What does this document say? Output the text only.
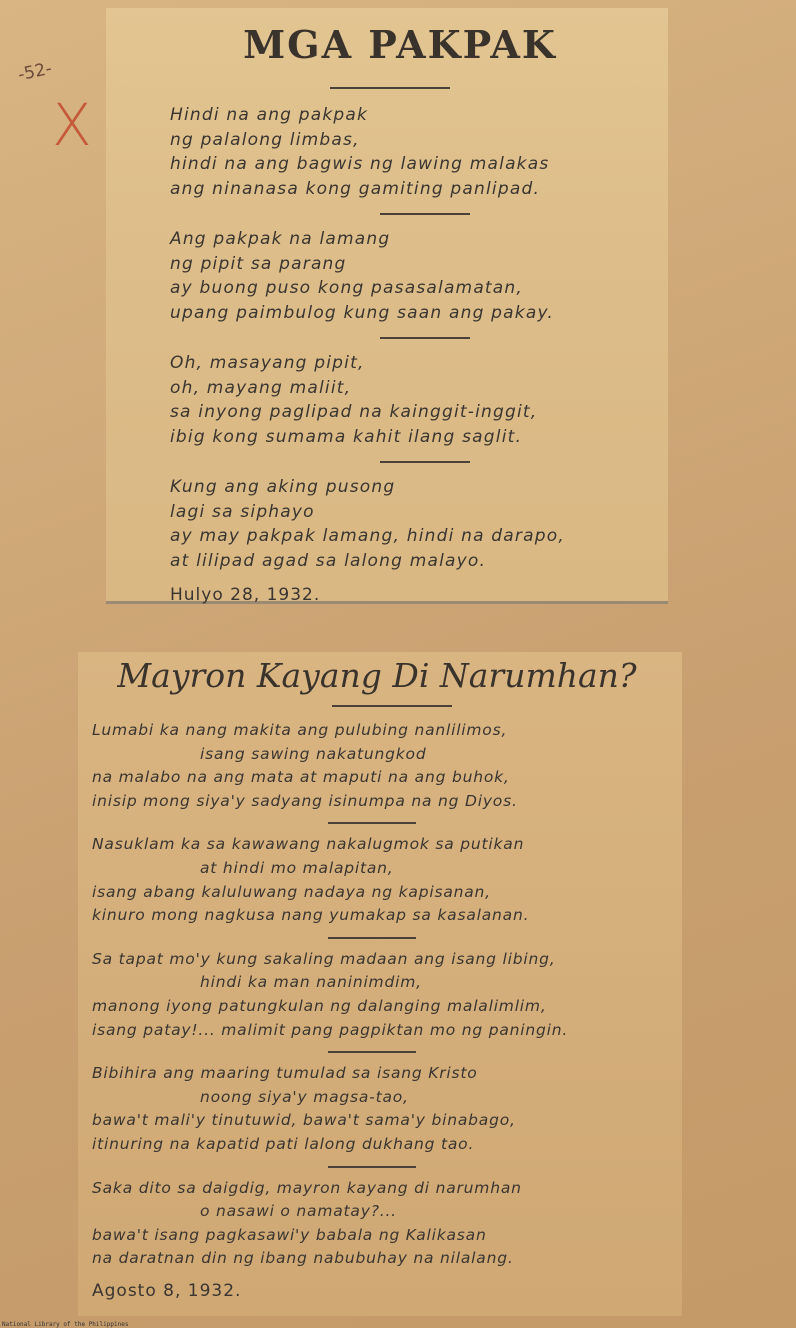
-52-
X
MGA PAKPAK
Hindi na ang pakpak
ng palalong limbas,
hindi na ang bagwis ng lawing malakas
ang ninanasa kong gamiting panlipad.
Ang pakpak na lamang
ng pipit sa parang
ay buong puso kong pasasalamatan,
upang paimbulog kung saan ang pakay.
Oh, masayang pipit,
oh, mayang maliit,
sa inyong paglipad na kainggit-inggit,
ibig kong sumama kahit ilang saglit.
Kung ang aking pusong
lagi sa siphayo
ay may pakpak lamang, hindi na darapo,
at lilipad agad sa lalong malayo.
Hulyo 28, 1932.
Mayron Kayang Di Narumhan?
Lumabi ka nang makita ang pulubing nanlilimos,
isang sawing nakatungkod
na malabo na ang mata at maputi na ang buhok,
inisip mong siya'y sadyang isinumpa na ng Diyos.
Nasuklam ka sa kawawang nakalugmok sa putikan
at hindi mo malapitan,
isang abang kaluluwang nadaya ng kapisanan,
kinuro mong nagkusa nang yumakap sa kasalanan.
Sa tapat mo'y kung sakaling madaan ang isang libing,
hindi ka man naninimdim,
manong iyong patungkulan ng dalanging malalimlim,
isang patay!... malimit pang pagpiktan mo ng paningin.
Bibihira ang maaring tumulad sa isang Kristo
noong siya'y magsa-tao,
bawa't mali'y tinutuwid, bawa't sama'y binabago,
itinuring na kapatid pati lalong dukhang tao.
Saka dito sa daigdig, mayron kayang di narumhan
o nasawi o namatay?...
bawa't isang pagkasawi'y babala ng Kalikasan
na daratnan din ng ibang nabubuhay na nilalang.
Agosto 8, 1932.
National Library of the Philippines
